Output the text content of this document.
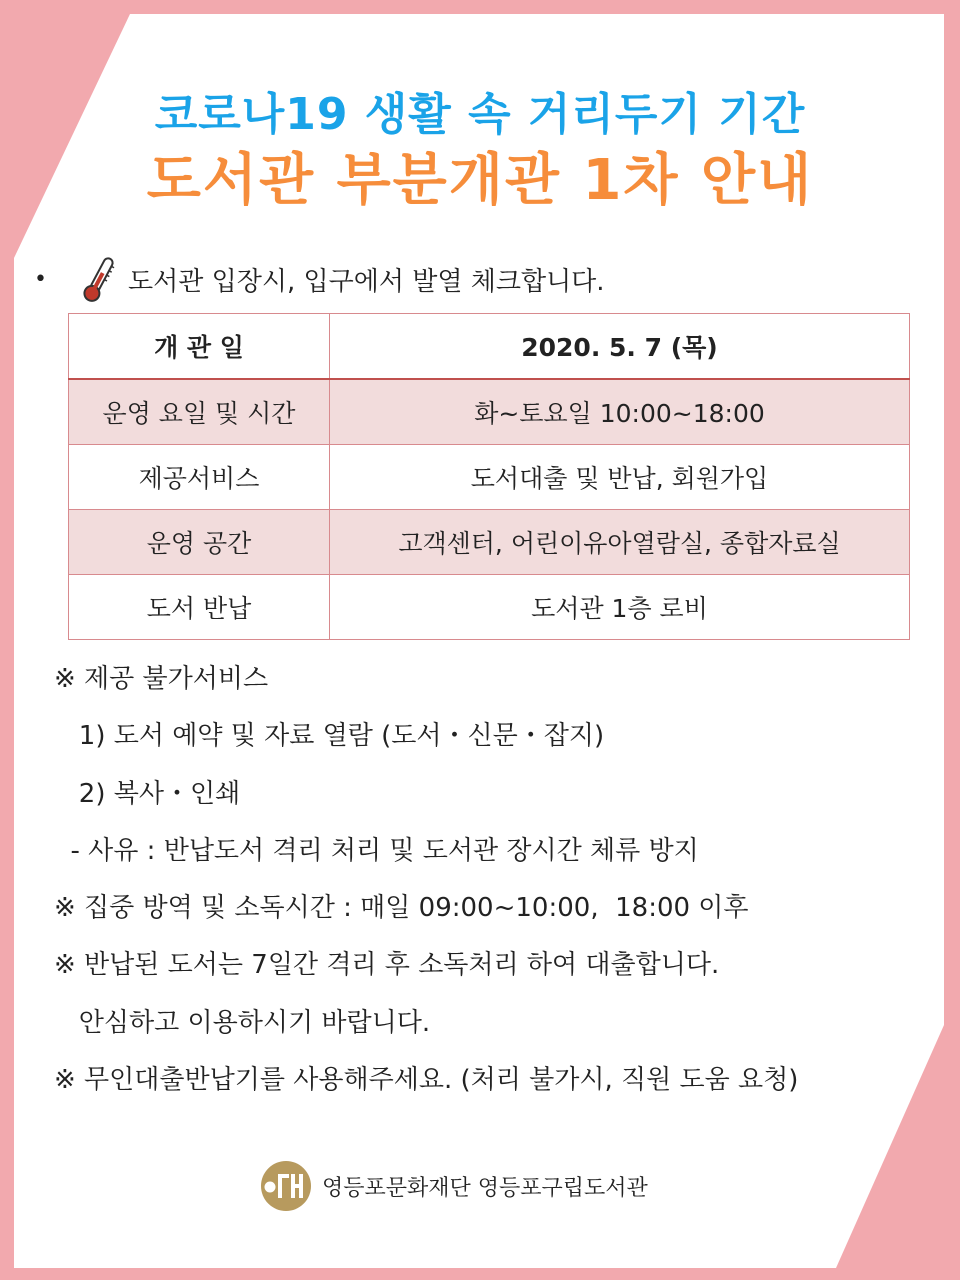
코로나19 생활 속 거리두기 기간
도서관 부분개관 1차 안내
•	도서관 입장시, 입구에서 발열 체크합니다.
개 관 일	2020. 5. 7 (목)
운영 요일 및 시간	화~토요일 10:00~18:00
제공서비스	도서대출 및 반납, 회원가입
운영 공간	고객센터, 어린이유아열람실, 종합자료실
도서 반납	도서관 1층 로비
※ 제공 불가서비스
1) 도서 예약 및 자료 열람 (도서・신문・잡지)
2) 복사・인쇄
- 사유 : 반납도서 격리 처리 및 도서관 장시간 체류 방지
※ 집중 방역 및 소독시간 : 매일 09:00~10:00,  18:00 이후
※ 반납된 도서는 7일간 격리 후 소독처리 하여 대출합니다.
안심하고 이용하시기 바랍니다.
※ 무인대출반납기를 사용해주세요. (처리 불가시, 직원 도움 요청)
영등포문화재단 영등포구립도서관
